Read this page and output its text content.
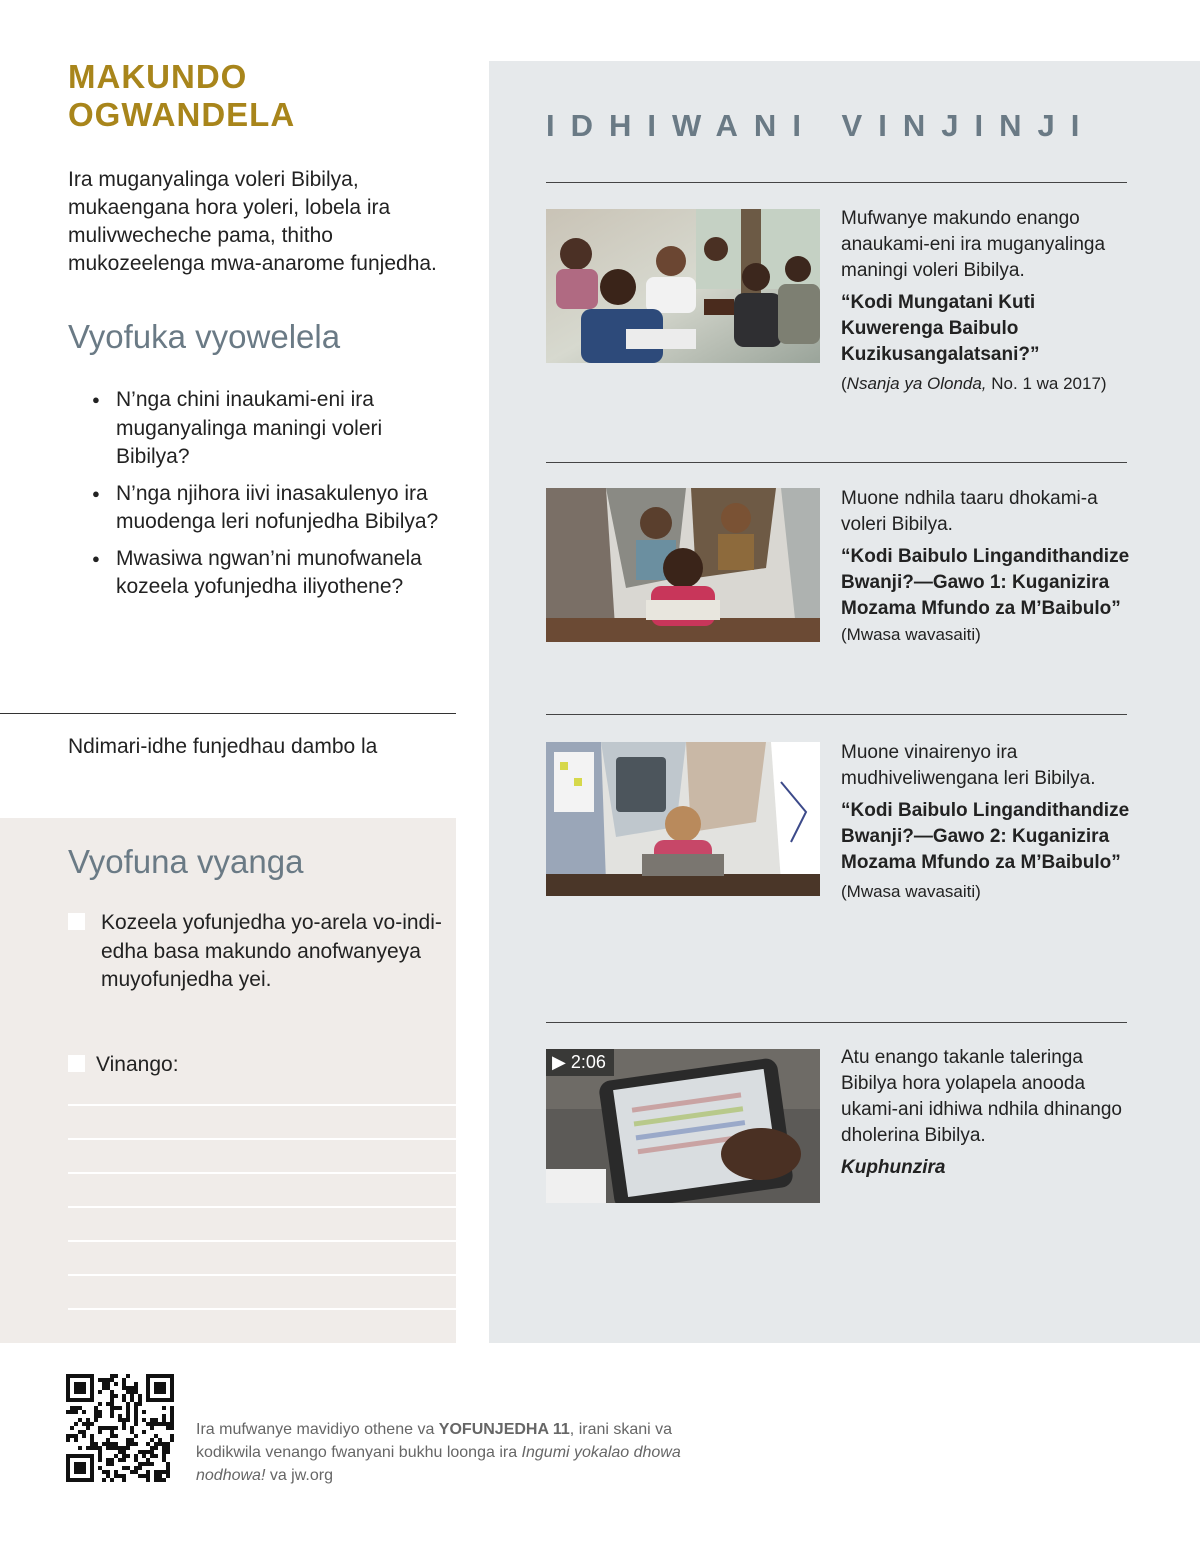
MAKUNDO
OGWANDELA

Ira muganyalinga voleri Bibilya, mukaengana hora yoleri, lobela ira mulivwecheche pama, thitho mukozeelenga mwa-anarome funjedha.

Vyofuka vyowelela
● N’nga chini inaukami-eni ira muganyalinga maningi voleri Bibilya?
● N’nga njihora iivi inasakulenyo ira muodenga leri nofunjedha Bibilya?
● Mwasiwa ngwan’ni munofwanela kozeela yofunjedha iliyothene?

Ndimari-idhe funjedhau dambo la

Vyofuna vyanga
Kozeela yofunjedha yo-arela vo-indi-edha basa makundo anofwanyeya muyofunjedha yei.
Vinango:
IDHIWANI VINJINJI

Mufwanye makundo enango anaukami-eni ira muganyalinga maningi voleri Bibilya.

“Kodi Mungatani Kuti Kuwerenga Baibulo Kuzikusangalatsani?”

(Nsanja ya Olonda, No. 1 wa 2017)

Muone ndhila taaru dhokami-a voleri Bibilya.

“Kodi Baibulo Lingandithandize Bwanji?—Gawo 1: Kuganizira Mozama Mfundo za M’Baibulo” (Mwasa wavasaiti)

Muone vinairenyo ira mudhiveliwengana leri Bibilya.

“Kodi Baibulo Lingandithandize Bwanji?—Gawo 2: Kuganizira Mozama Mfundo za M’Baibulo”

(Mwasa wavasaiti)

▶ 2:06	Atu enango takanle taleringa Bibilya hora yolapela anooda ukami-ani idhiwa ndhila dhinango dholerina Bibilya.

Kuphunzira

Ira mufwanye mavidiyo othene va YOFUNJEDHA 11, irani skani va kodikwila venango fwanyani bukhu loonga ira Ingumi yokalao dhowa nodhowa! va jw.org
